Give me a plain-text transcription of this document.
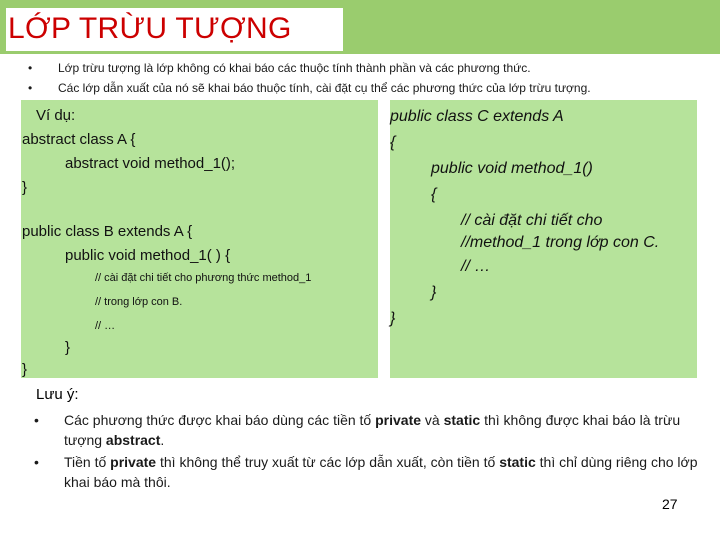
LỚP TRỪU TƯỢNG
•	Lớp trừu tượng là lớp không có khai báo các thuộc tính thành phần và các phương thức.
•	Các lớp dẫn xuất của nó sẽ khai báo thuộc tính, cài đặt cụ thể các phương thức của lớp trừu tượng.
Ví dụ:
abstract class A {
abstract void method_1();
}
public class B extends A {
public void method_1( ) {
// cài đặt chi tiết cho phương thức method_1
// trong lớp con B.
// …
}
}
public class C extends A
{
public void method_1()
{
// cài đặt chi tiết cho
//method_1 trong lớp con C.
// …
}
}
Lưu ý:
•	Các phương thức được khai báo dùng các tiền tố private và static thì không được khai báo là trừu tượng abstract.
•	Tiền tố private thì không thể truy xuất từ các lớp dẫn xuất, còn tiền tố static thì chỉ dùng riêng cho lớp khai báo mà thôi.
27
